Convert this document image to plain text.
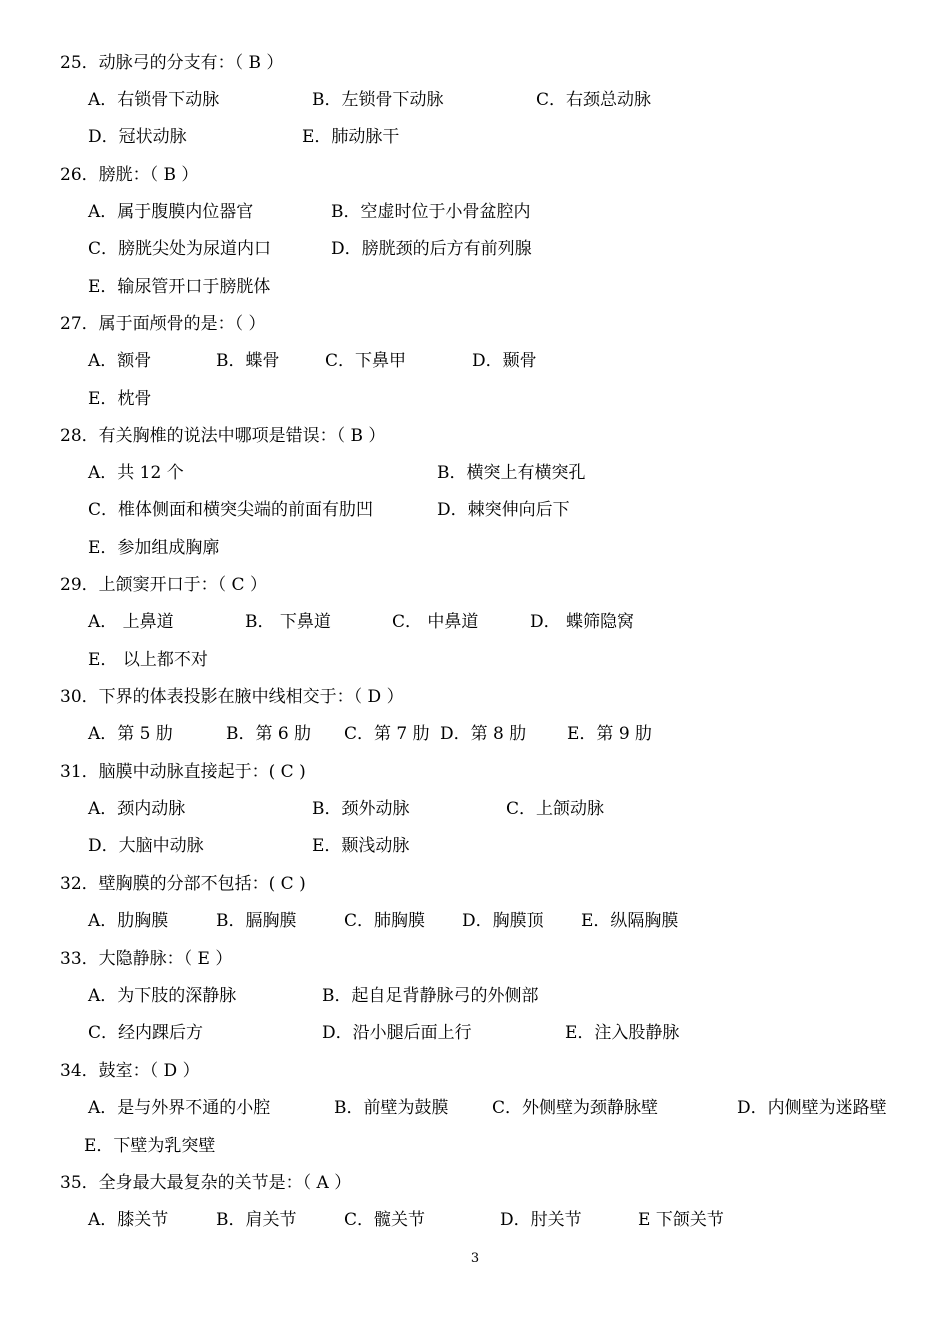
25．动脉弓的分支有：（ B ）
A．右锁骨下动脉	B．左锁骨下动脉	C．右颈总动脉
D．冠状动脉	E．肺动脉干
26．膀胱：（ B ）
A．属于腹膜内位器官	B．空虚时位于小骨盆腔内
C．膀胱尖处为尿道内口	D．膀胱颈的后方有前列腺
E．输尿管开口于膀胱体
27．属于面颅骨的是：（ ）
A．额骨	B．蝶骨	C．下鼻甲	D．颞骨
E．枕骨
28．有关胸椎的说法中哪项是错误：（ B ）
A．共 12 个	B．横突上有横突孔
C．椎体侧面和横突尖端的前面有肋凹	D．棘突伸向后下
E．参加组成胸廓
29．上颌窦开口于：（ C ）
A． 上鼻道	B． 下鼻道	C． 中鼻道	D． 蝶筛隐窝
E． 以上都不对
30．下界的体表投影在腋中线相交于：（ D ）
A．第 5 肋	B．第 6 肋 C．第 7 肋 D．第 8 肋 E．第 9 肋
31．脑膜中动脉直接起于：( C )
A．颈内动脉	B．颈外动脉	C．上颌动脉
D．大脑中动脉	E．颞浅动脉
32．壁胸膜的分部不包括：( C )
A．肋胸膜	B．膈胸膜	C．肺胸膜 D．胸膜顶 E．纵隔胸膜
33．大隐静脉：（ E ）
A．为下肢的深静脉	B．起自足背静脉弓的外侧部
C．经内踝后方	D．沿小腿后面上行	E．注入股静脉
34．鼓室：（ D ）
A．是与外界不通的小腔	B．前壁为鼓膜	C．外侧壁为颈静脉壁	D．内侧壁为迷路壁
E．下壁为乳突壁
35．全身最大最复杂的关节是：（ A ）
A．膝关节	B．肩关节	C．髋关节	D．肘关节	E 下颌关节
3
